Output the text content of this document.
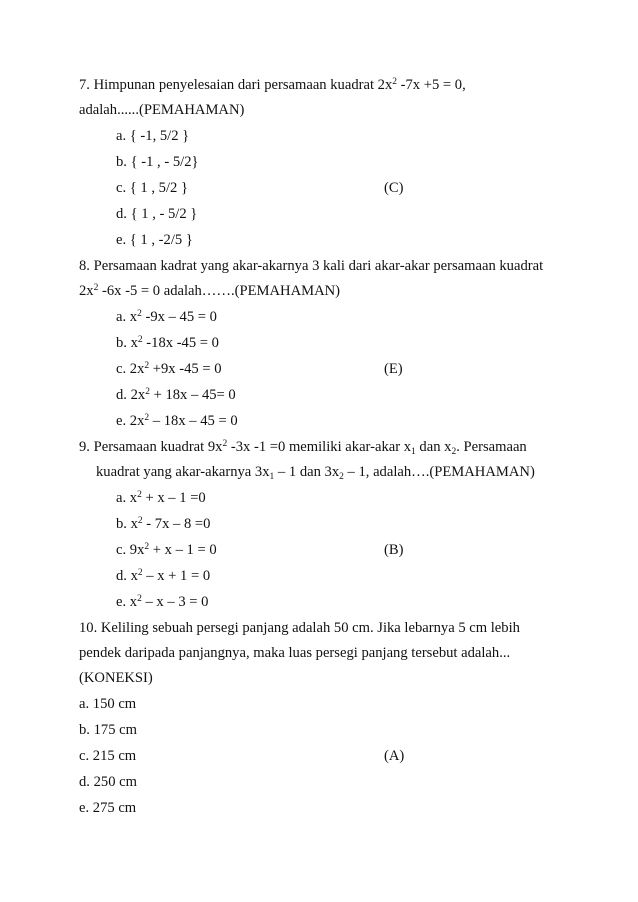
7. Himpunan penyelesaian dari persamaan kuadrat $2x^2$ -7x +5 = 0,
adalah......(PEMAHAMAN)
a. { -1, 5/2 }
b. { -1 , - 5/2}
c. { 1 , 5/2 }	(C)
d. { 1 , - 5/2 }
e. { 1 , -2/5 }
8. Persamaan kadrat yang akar-akarnya 3 kali dari akar-akar persamaan kuadrat
$2x^2$ -6x -5 = 0 adalah…….(PEMAHAMAN)
a. $x^2$ -9x – 45 = 0
b. $x^2$ -18x -45 = 0
c. $2x^2 +9x$ -45 = 0	(E)
d. $2x^2 + 18x - 45= 0$
e. $2x^2 - 18x - 45 = 0$
9. Persamaan kuadrat $9x^2$ -3x -1 =0 memiliki akar-akar $x_1$ dan $x_2$. Persamaan
kuadrat yang akar-akarnya $3x_1 - 1$ dan $3x_2 - 1$, adalah….(PEMAHAMAN)
a. $x^2 + x - 1 =0$
b. $x^2 - 7x - 8 =0$
c. $9x^2 + x - 1 = 0$	(B)
d. $x^2 - x + 1 = 0$
e. $x^2 - x - 3 = 0$
10. Keliling sebuah persegi panjang adalah 50 cm. Jika lebarnya 5 cm lebih
pendek daripada panjangnya, maka luas persegi panjang tersebut adalah...
(KONEKSI)
a. 150 cm
b. 175 cm
c. 215 cm	(A)
d. 250 cm
e. 275 cm
